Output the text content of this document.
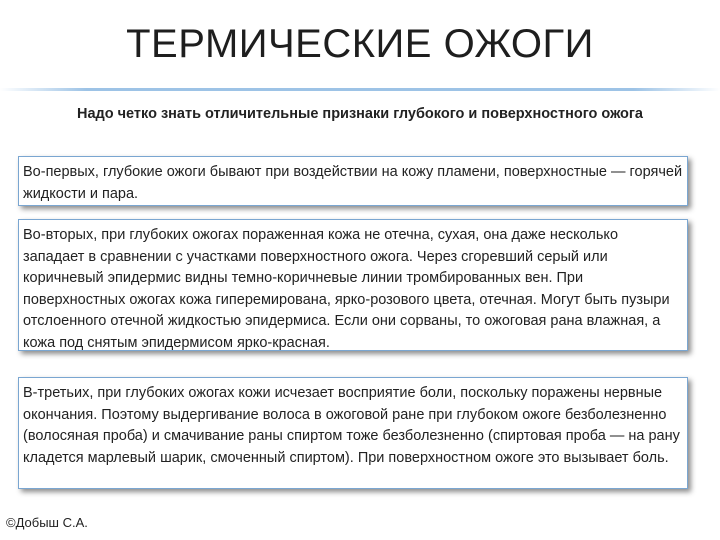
ТЕРМИЧЕСКИЕ ОЖОГИ
Надо четко знать отличительные признаки глубокого и поверхностного ожога
Во-первых, глубокие ожоги бывают при воздействии на кожу пламени, поверхностные — горячей жидкости и пара.
Во-вторых, при глубоких ожогах пораженная кожа не отечна, сухая, она даже несколько западает в сравнении с участками поверхностного ожога. Через сгоревший серый или коричневый эпидермис видны темно-коричневые линии тромбированных вен. При поверхностных ожогах кожа гиперемирована, ярко-розового цвета, отечная. Могут быть пузыри отслоенного отечной жидкостью эпидермиса. Если они сорваны, то ожоговая рана влажная, а кожа под снятым эпидермисом ярко-красная.
В-третьих, при глубоких ожогах кожи исчезает восприятие боли, поскольку поражены нервные окончания. Поэтому выдергивание волоса в ожоговой ране при глубоком ожоге безболезненно (волосяная проба) и смачивание раны спиртом тоже безболезненно (спиртовая проба — на рану кладется марлевый шарик, смоченный спиртом). При поверхностном ожоге это вызывает боль.
©Добыш С.А.
